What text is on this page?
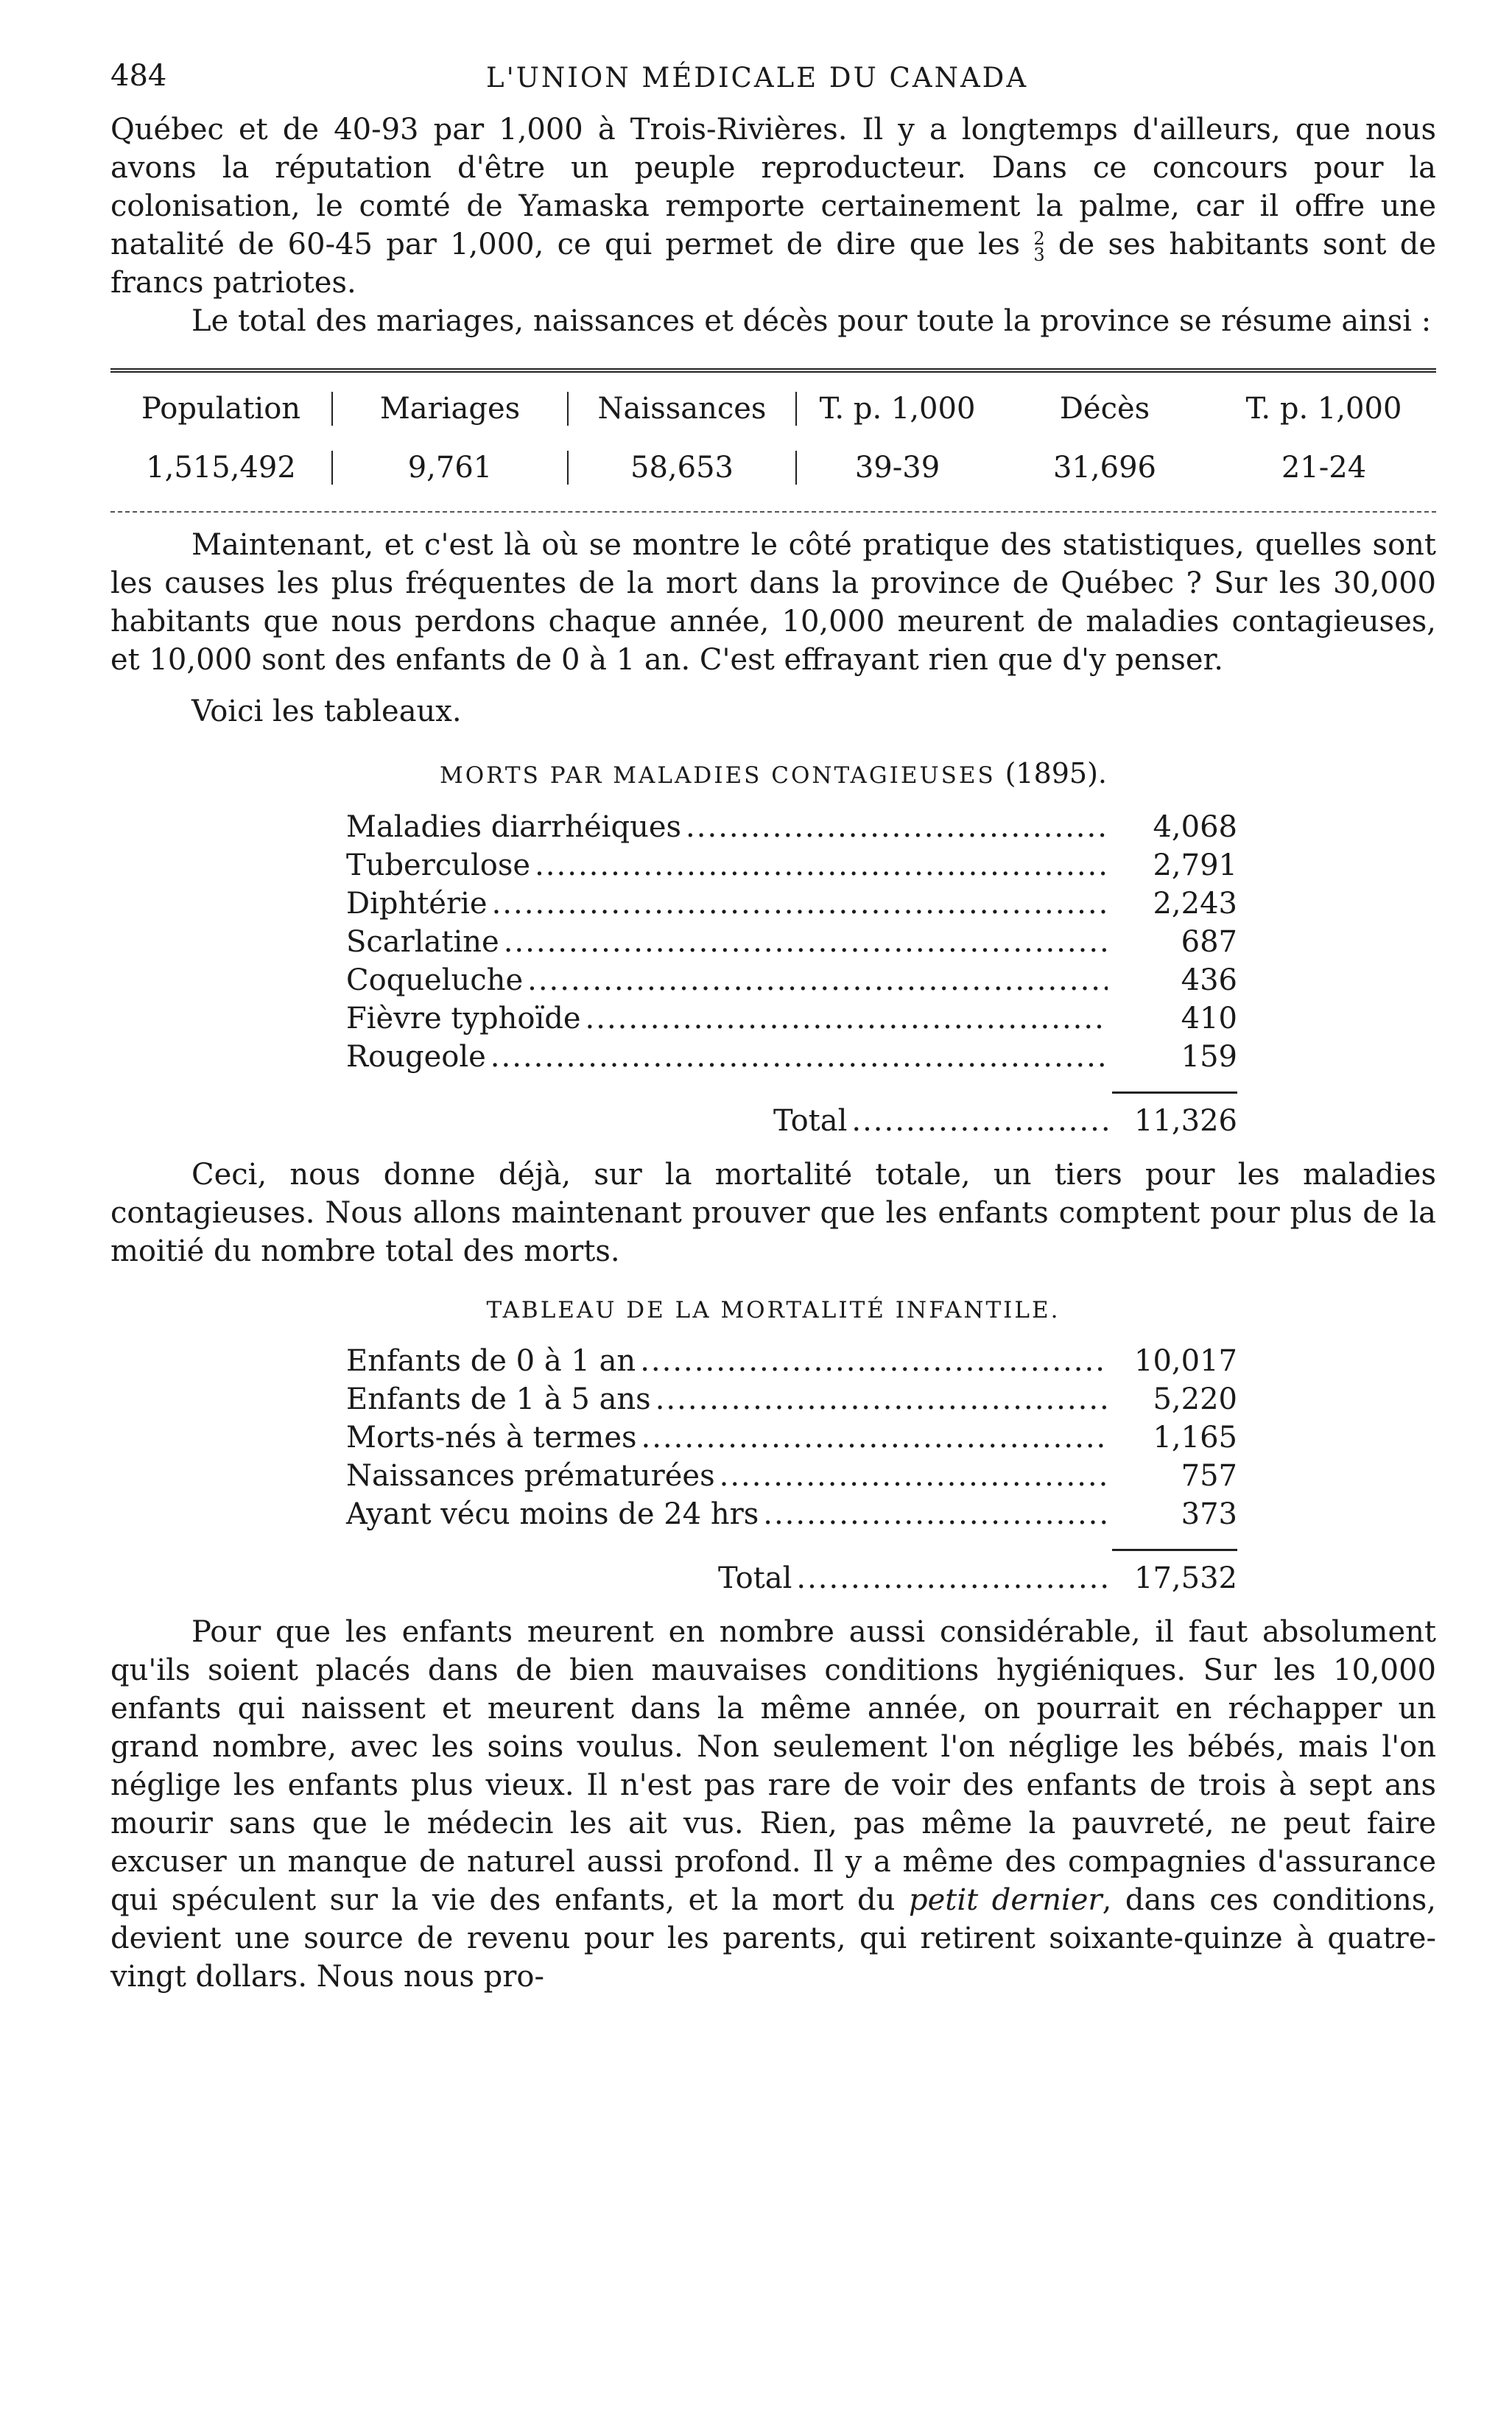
484	L'UNION MÉDICALE DU CANADA

Québec et de 40-93 par 1,000 à Trois-Rivières. Il y a longtemps d'ailleurs, que nous avons la réputation d'être un peuple reproducteur. Dans ce concours pour la colonisation, le comté de Yamaska remporte certainement la palme, car il offre une natalité de 60-45 par 1,000, ce qui permet de dire que les 2
3 de ses habitants sont de francs patriotes.

Le total des mariages, naissances et décès pour toute la province se résume ainsi :

Population	Mariages	Naissances	T. p. 1,000	Décès	T. p. 1,000
1,515,492	9,761	58,653	39-39	31,696	21-24

Maintenant, et c'est là où se montre le côté pratique des statistiques, quelles sont les causes les plus fréquentes de la mort dans la province de Québec ? Sur les 30,000 habitants que nous perdons chaque année, 10,000 meurent de maladies contagieuses, et 10,000 sont des enfants de 0 à 1 an. C'est effrayant rien que d'y penser.

Voici les tableaux.

MORTS PAR MALADIES CONTAGIEUSES (1895).
Maladies diarrhéiques .....	4,068
Tuberculose .....	2,791
Diphtérie .....	2,243
Scarlatine .....	687
Coqueluche .....	436
Fièvre typhoïde .....	410
Rougeole .....	159
Total .....	11,326

Ceci, nous donne déjà, sur la mortalité totale, un tiers pour les maladies contagieuses. Nous allons maintenant prouver que les enfants comptent pour plus de la moitié du nombre total des morts.

TABLEAU DE LA MORTALITÉ INFANTILE.
Enfants de 0 à 1 an .....	10,017
Enfants de 1 à 5 ans .....	5,220
Morts-nés à termes .....	1,165
Naissances prématurées .....	757
Ayant vécu moins de 24 hrs .....	373
Total .....	17,532

Pour que les enfants meurent en nombre aussi considérable, il faut absolument qu'ils soient placés dans de bien mauvaises conditions hygiéniques. Sur les 10,000 enfants qui naissent et meurent dans la même année, on pourrait en réchapper un grand nombre, avec les soins voulus. Non seulement l'on néglige les bébés, mais l'on néglige les enfants plus vieux. Il n'est pas rare de voir des enfants de trois à sept ans mourir sans que le médecin les ait vus. Rien, pas même la pauvreté, ne peut faire excuser un manque de naturel aussi profond. Il y a même des compagnies d'assurance qui spéculent sur la vie des enfants, et la mort du petit dernier, dans ces conditions, devient une source de revenu pour les parents, qui retirent soixante-quinze à quatre-vingt dollars. Nous nous pro-
